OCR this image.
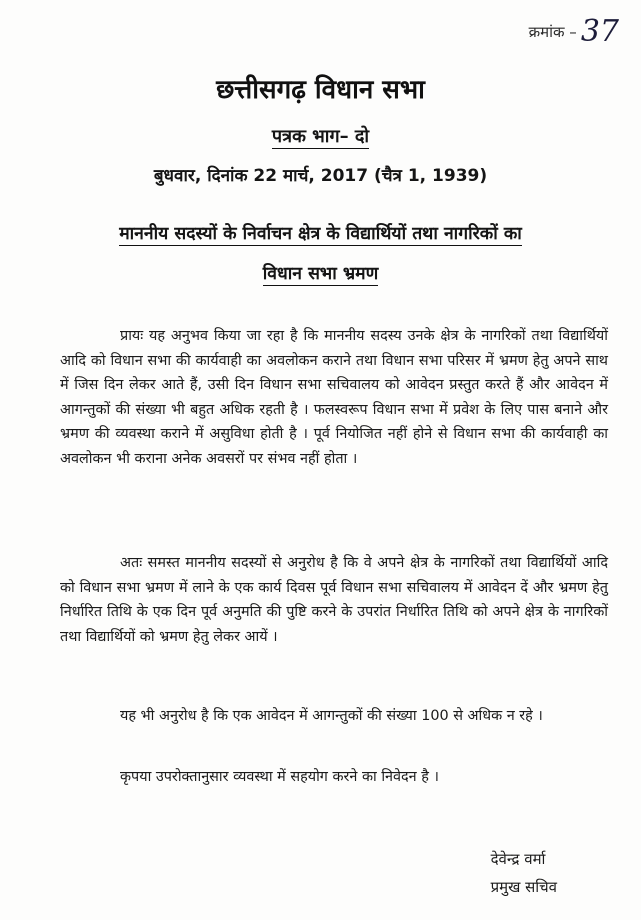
क्रमांक – 37
छत्तीसगढ़ विधान सभा
पत्रक भाग– दो
बुधवार, दिनांक 22 मार्च, 2017 (चैत्र 1, 1939)
माननीय सदस्यों के निर्वाचन क्षेत्र के विद्यार्थियों तथा नागरिकों का
विधान सभा भ्रमण
प्रायः यह अनुभव किया जा रहा है कि माननीय सदस्य उनके क्षेत्र के नागरिकों तथा विद्यार्थियों आदि को विधान सभा की कार्यवाही का अवलोकन कराने तथा विधान सभा परिसर में भ्रमण हेतु अपने साथ में जिस दिन लेकर आते हैं, उसी दिन विधान सभा सचिवालय को आवेदन प्रस्तुत करते हैं और आवेदन में आगन्तुकों की संख्या भी बहुत अधिक रहती है । फलस्वरूप विधान सभा में प्रवेश के लिए पास बनाने और भ्रमण की व्यवस्था कराने में असुविधा होती है । पूर्व नियोजित नहीं होने से विधान सभा की कार्यवाही का अवलोकन भी कराना अनेक अवसरों पर संभव नहीं होता ।
अतः समस्त माननीय सदस्यों से अनुरोध है कि वे अपने क्षेत्र के नागरिकों तथा विद्यार्थियों आदि को विधान सभा भ्रमण में लाने के एक कार्य दिवस पूर्व विधान सभा सचिवालय में आवेदन दें और भ्रमण हेतु निर्धारित तिथि के एक दिन पूर्व अनुमति की पुष्टि करने के उपरांत निर्धारित तिथि को अपने क्षेत्र के नागरिकों तथा विद्यार्थियों को भ्रमण हेतु लेकर आयें ।
यह भी अनुरोध है कि एक आवेदन में आगन्तुकों की संख्या 100 से अधिक न रहे ।
कृपया उपरोक्तानुसार व्यवस्था में सहयोग करने का निवेदन है ।
देवेन्द्र वर्मा
प्रमुख सचिव
